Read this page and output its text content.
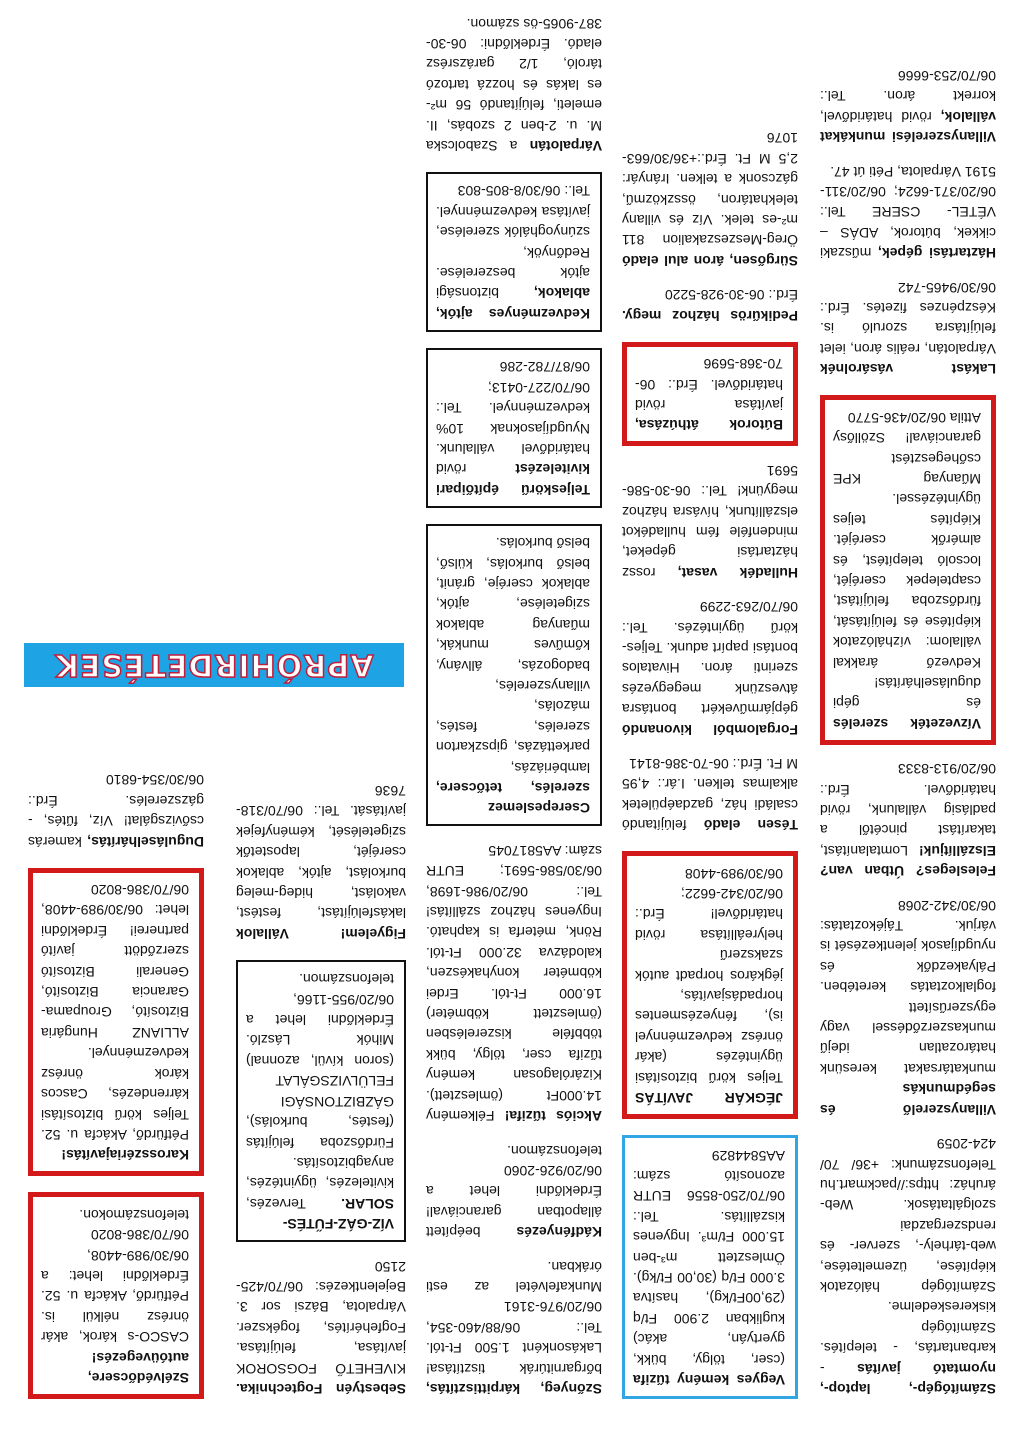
Számítógép-, laptop-, nyomtató javítás - karbantartás, - telepítés. Számítógép kiskereskedelme. Számítógép hálózatok kiépítése, üzemeltetése, web-tárhely-, szerver- és rendszergazdai szolgáltatások. Web-áruház: https://packmart.hu Telefonszámunk: +36/ 70/ 424-2059
Villanyszerelő és segédmunkás munkatársakat keresünk határozatlan idejű munkaszerződéssel vagy egyszerűsített foglalkoztatás keretében. Pályakezdők és nyugdíjasok jelentkezését is várjuk. Tájékoztatás: 06/30/342-2068
Felesleges? Útban van? Elszállítjuk! Lomtalanítást, takarítást pincétől a padlásig vállalunk, rövid határidővel. Érd.: 06/20/913-8333
Vízvezeték szerelés és gépi duguláselhárítás! Kedvező árakkal vállalom: vízhálózatok kiépítése és felújítását, fürdőszoba felújítást, csaptelepek cseréjét, locsoló telepítést, és almérők cseréjét. Kiépítés teljes ügyintézéssel. Műanyag KPE csőhegesztést garanciával! Szöllősy Attila 06/20/436-5770
Lakást vásárolnék Várpalotán, reális áron, ielet felújításra szoruló is. Készpénzes fizetés. Érd.: 06/30/9465-742
Háztartási gépek, műszaki cikkek, bútorok, ADÁS – VÉTEL- CSERE Tel.: 06/20/371-6624; 06/20/311-5191 Várpalota, Péti út 47.
Villanyszerelési munkákat vállalok, rövid határidővel, korrekt áron. Tel.: 06/70/253-6666
Vegyes kemény tűzifa (cser, tölgy, bükk, gyertyán, akác) kuglikban 2.900 Ft/q (29,00Ft/kg), hasítva 3.000 Ft/q (30,00 Ft/kg). Ömlesztett m³-ben 15.000 Ft/m³. Ingyenes kiszállítás. Tel.: 06/70/250-8556 EUTR azonosító szám: AA5844829
JÉGKÁR JAVÍTÁS Teljes körű biztosítási ügyintézés (akár önrész kedvezménnyel is), fényezésmentes horpadásjavítás, jégkáros horpadt autók szakszerű helyreállítása rövid határidővel! Érd.: 06/20/342-6622; 06/30/989-4408
Tésen eladó felújítandó családi ház, gazdaépületek alkalmas telken. I.ár.: 4,95 M Ft. Érd.: 06-70-386-8141
Forgalomból kivonandó gépjárművekért bontásra átveszünk megegyezés szerinti áron. Hivatalos bontási papírt adunk. Teljes-körű ügyintézés. Tel.: 06/70/263-2299
Hulladék vasat, rossz háztartási gépeket, mindenféle fém hulladékot elszállítunk, hívásra házhoz megyünk! Tel.: 06-30-586-5691
Bútorok áthúzása, javítása rövid határidővel. Érd.: 06-70-368-5696
Pedikűrös házhoz megy. Érd.: 06-30-928-5220
Sürgősen, áron alul eladó Öreg-Meszeszakalion 811 m²-es telek. Víz és villany telekhatáron, összközmű, gázcsonk a telken. Irányár: 2,5 M Ft. Érd.:+36/30/663-1076
Szőnyeg, kárpittisztítás, bőrgarnitúrák tisztítása! Lakásonként 1.500 Ft-tól. Tel.: 06/88/460-354, 06/20/976-3161 Munkafelvétel az esti órákban.
Kádfényezés beépített állapotban garanciával! Érdeklődni lehet a 06/20/926-2060 telefonszámon.
Akciós tűzifa! Félkemény 14.000Ft (ömlesztett). Kizárólagosan kemény tűzifa cser, tölgy, bükk többféle kiszerelésben (ömlesztett köbméter) 16.000 Ft-tól. Erdei köbméter konyhakészen, kalodázva 32.000 Ft-tól. Rönk, méterfa is kapható. Ingyenes házhoz szállítás! Tel.: 06/20/986-1698, 06/30/586-5691; EUTR szám: AA5817045
Cserepeslemez szerelés, tetőcsere, lambériázás, parkettázás, gipszkarton szerelés, festés, mázolás, villanyszerelés, badogozás, állvány, kőműves munkák, műanyag ablakok szigetelése, ajtók, ablakok cseréje, gránit, belső burkolás, külső, belső burkolás.
Teljeskörű építőipari kivitelezést rövid határidővel vállalunk. Nyugdíjasoknak 10% kedvezménnyel. Tel.: 06/70/227-0413; 06/87/782-286
Kedvezményes ajtók, ablakok, biztonsági ajtók beszerelése. Redőnyök, szúnyoghálók szerelése, javítása kedvezménnyel. Tel.: 06/30/8-805-803
Várpalotán a Szabolcska M. u. 2-ben 2 szobás, II. emeleti, felújítandó 56 m²-es lakás és hozzá tartozó tároló, 1/2 garázsrész eladó. Érdeklődni: 06-30-387-9065-ös számon.
Sebestyén Fogtechnika. KIVEHETŐ FOGSOROK javítása, felújítása. Fogfehérítés, fogékszer. Várpalota, Bázsi sor 3. Bejelentkezés: 06/70/425-2150
VÍZ-GÁZ-FŰTÉS-SOLAR. Tervezés, kivitelezés, ügyintézés, anyagbiztosítás. Fürdőszoba felújítás (festés, burkolás), GÁZBIZTONSÁGI FELÜLVIZSGÁLAT (soron kívül, azonnal) Mihók László. Érdeklődni lehet a 06/20/955-1166, telefonszámon.
Figyelem! Vállalok lakásfelújítást, festést, vakolást, hideg-meleg burkolást, ajtók, ablakok cseréjét, lapostetők szigetelését, kéményfejek javítását. Tel.: 06/70/318-7636
Szélvédőcsere, autóüvegezés! CASCO-s károk, akár önrész nélkül is. Pétfürdő, Akácfa u. 52. Érdeklődni lehet: a 06/30/989-4408, 06/70/386-8020 telefonszámokon.
Karosszériajavítás! Pétfürdő, Akácfa u. 52. Teljes körű biztosítási kárrendezés, Cascos károk önrész kedvezménnyel. ALLIANZ Hungária Biztosító, Groupama-Garancia Biztosító, Generali Biztosító szerződött javító partnerei! Érdeklődni lehet: 06/30/989-4408, 06/70/386-8020
Duguláselhárítás, kamerás csővizsgálat! Víz, fűtés, - gázszerelés. Érd.: 06/30/354-6810
APRÓHIRDETÉSEK
